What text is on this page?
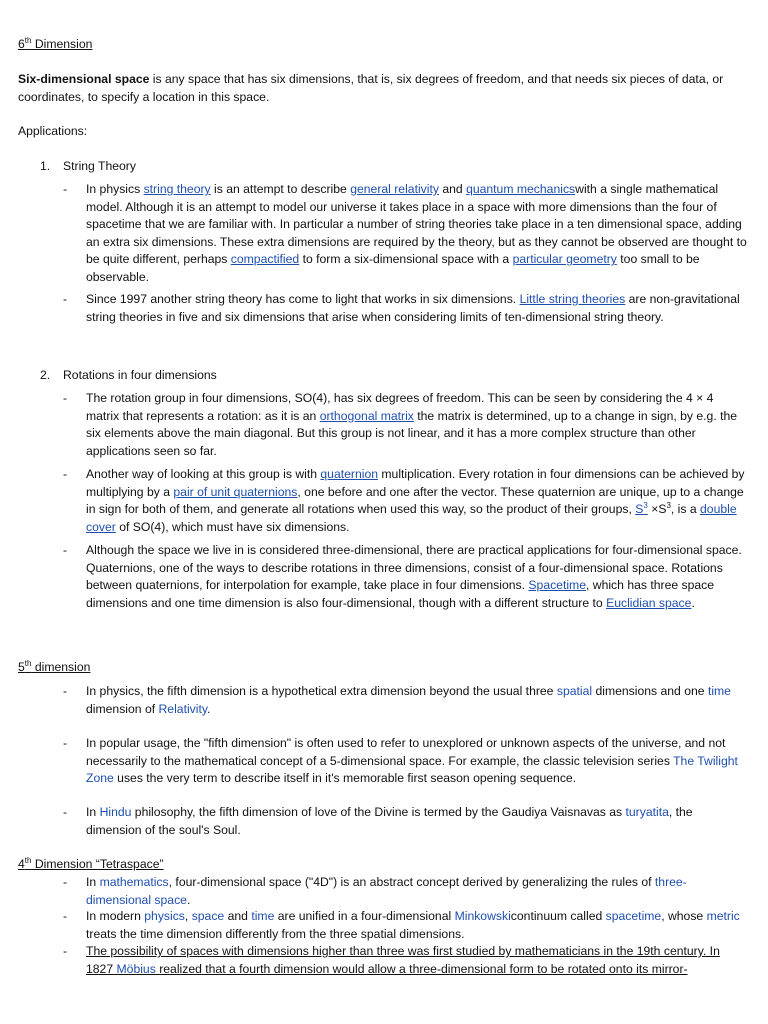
6th Dimension
Six-dimensional space is any space that has six dimensions, that is, six degrees of freedom, and that needs six pieces of data, or coordinates, to specify a location in this space.
Applications:
1. String Theory
- In physics string theory is an attempt to describe general relativity and quantum mechanicswith a single mathematical model. Although it is an attempt to model our universe it takes place in a space with more dimensions than the four of spacetime that we are familiar with. In particular a number of string theories take place in a ten dimensional space, adding an extra six dimensions. These extra dimensions are required by the theory, but as they cannot be observed are thought to be quite different, perhaps compactified to form a six-dimensional space with a particular geometry too small to be observable.
- Since 1997 another string theory has come to light that works in six dimensions. Little string theories are non-gravitational string theories in five and six dimensions that arise when considering limits of ten-dimensional string theory.
2. Rotations in four dimensions
- The rotation group in four dimensions, SO(4), has six degrees of freedom. This can be seen by considering the 4 × 4 matrix that represents a rotation: as it is an orthogonal matrix the matrix is determined, up to a change in sign, by e.g. the six elements above the main diagonal. But this group is not linear, and it has a more complex structure than other applications seen so far.
- Another way of looking at this group is with quaternion multiplication. Every rotation in four dimensions can be achieved by multiplying by a pair of unit quaternions, one before and one after the vector. These quaternion are unique, up to a change in sign for both of them, and generate all rotations when used this way, so the product of their groups, $S^3 \times S^3$, is a double cover of SO(4), which must have six dimensions.
- Although the space we live in is considered three-dimensional, there are practical applications for four-dimensional space. Quaternions, one of the ways to describe rotations in three dimensions, consist of a four-dimensional space. Rotations between quaternions, for interpolation for example, take place in four dimensions. Spacetime, which has three space dimensions and one time dimension is also four-dimensional, though with a different structure to Euclidian space.
5th dimension
- In physics, the fifth dimension is a hypothetical extra dimension beyond the usual three spatial dimensions and one time dimension of Relativity.
- In popular usage, the "fifth dimension" is often used to refer to unexplored or unknown aspects of the universe, and not necessarily to the mathematical concept of a 5-dimensional space. For example, the classic television series The Twilight Zone uses the very term to describe itself in it's memorable first season opening sequence.
- In Hindu philosophy, the fifth dimension of love of the Divine is termed by the Gaudiya Vaisnavas as turyatita, the dimension of the soul's Soul.
4th Dimension “Tetraspace”
- In mathematics, four-dimensional space ("4D") is an abstract concept derived by generalizing the rules of three-dimensional space.
- In modern physics, space and time are unified in a four-dimensional Minkowskicontinuum called spacetime, whose metric treats the time dimension differently from the three spatial dimensions.
- The possibility of spaces with dimensions higher than three was first studied by mathematicians in the 19th century. In 1827 Möbius realized that a fourth dimension would allow a three-dimensional form to be rotated onto its mirror-
